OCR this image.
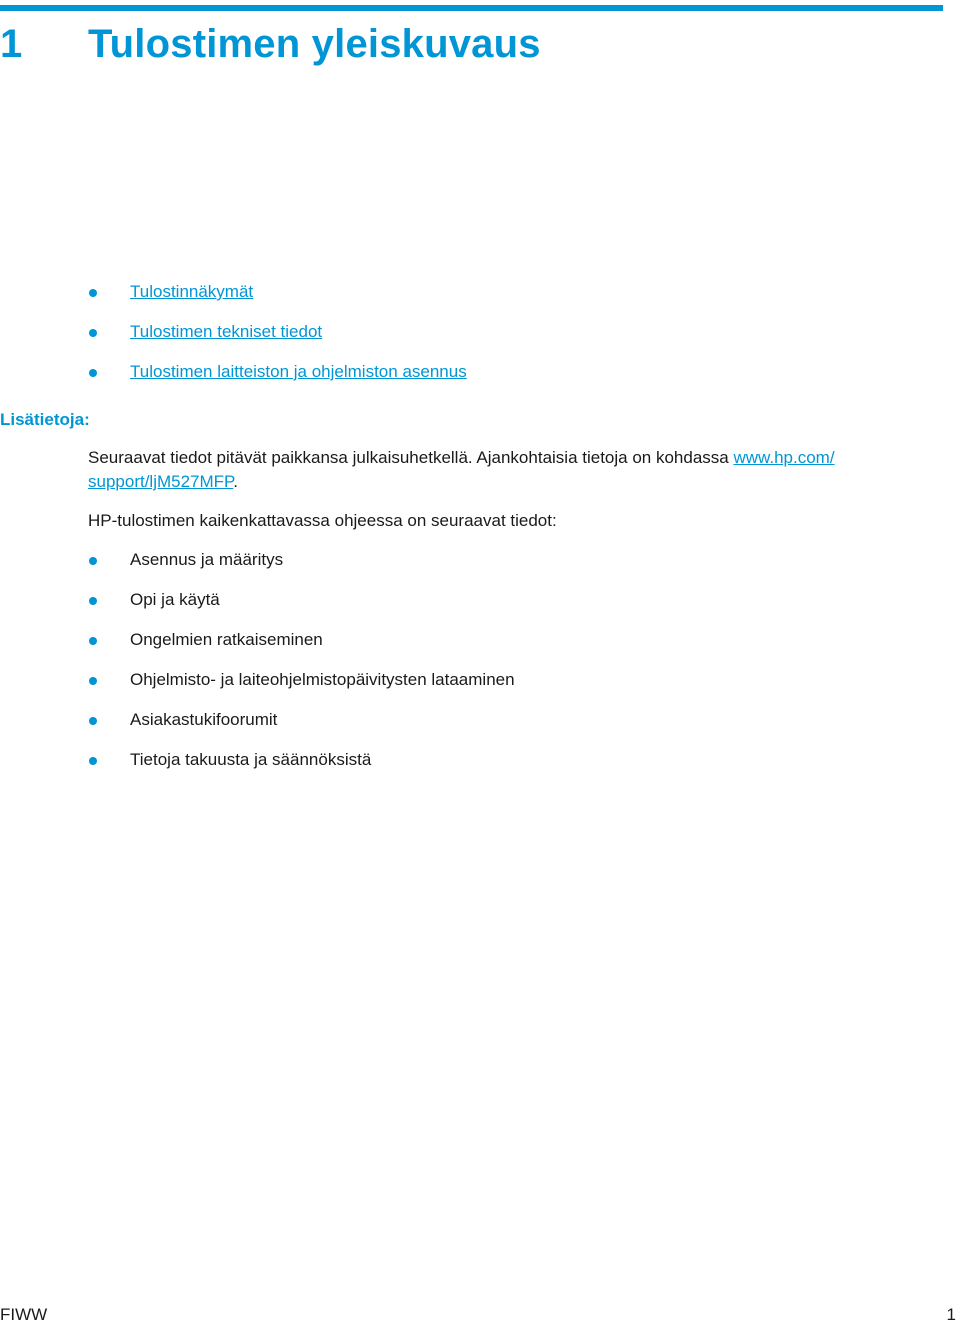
1 Tulostimen yleiskuvaus
Tulostinnäkymät
Tulostimen tekniset tiedot
Tulostimen laitteiston ja ohjelmiston asennus
Lisätietoja:

Seuraavat tiedot pitävät paikkansa julkaisuhetkellä. Ajankohtaisia tietoja on kohdassa www.hp.com/
support/ljM527MFP.

HP-tulostimen kaikenkattavassa ohjeessa on seuraavat tiedot:

Asennus ja määritys
Opi ja käytä
Ongelmien ratkaiseminen
Ohjelmisto- ja laiteohjelmistopäivitysten lataaminen
Asiakastukifoorumit
Tietoja takuusta ja säännöksistä
FIWW	1
